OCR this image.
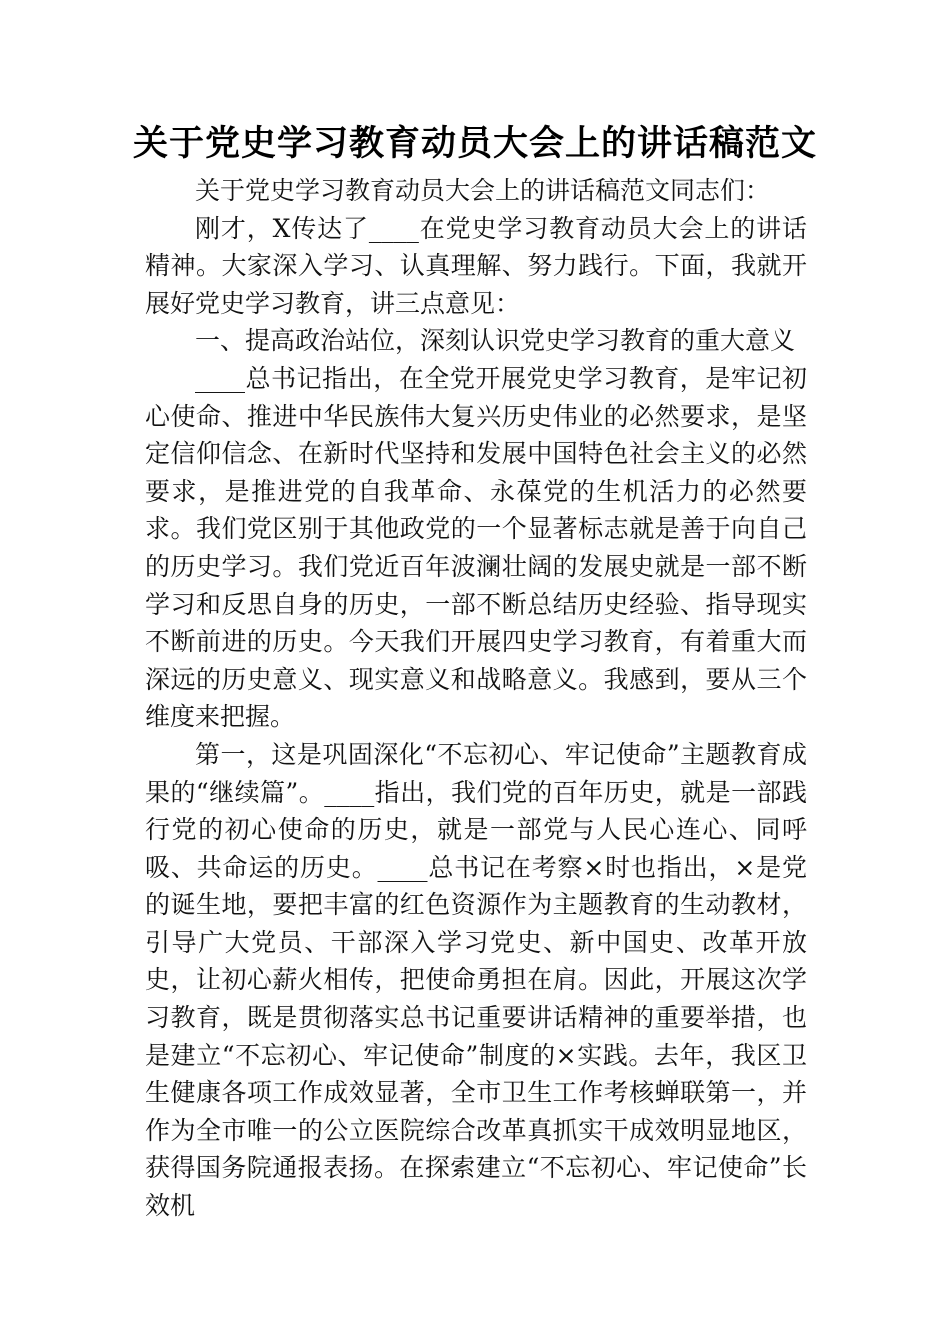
关于党史学习教育动员大会上的讲话稿范文

关于党史学习教育动员大会上的讲话稿范文同志们：

刚才，X传达了____在党史学习教育动员大会上的讲话精神。大家深入学习、认真理解、努力践行。下面，我就开展好党史学习教育，讲三点意见：

一、提高政治站位，深刻认识党史学习教育的重大意义

____总书记指出，在全党开展党史学习教育，是牢记初心使命、推进中华民族伟大复兴历史伟业的必然要求，是坚定信仰信念、在新时代坚持和发展中国特色社会主义的必然要求，是推进党的自我革命、永葆党的生机活力的必然要求。我们党区别于其他政党的一个显著标志就是善于向自己的历史学习。我们党近百年波澜壮阔的发展史就是一部不断学习和反思自身的历史，一部不断总结历史经验、指导现实不断前进的历史。今天我们开展四史学习教育，有着重大而深远的历史意义、现实意义和战略意义。我感到，要从三个维度来把握。

第一，这是巩固深化“不忘初心、牢记使命”主题教育成果的“继续篇”。____指出，我们党的百年历史，就是一部践行党的初心使命的历史，就是一部党与人民心连心、同呼吸、共命运的历史。____总书记在考察×时也指出，×是党的诞生地，要把丰富的红色资源作为主题教育的生动教材，引导广大党员、干部深入学习党史、新中国史、改革开放史，让初心薪火相传，把使命勇担在肩。因此，开展这次学习教育，既是贯彻落实总书记重要讲话精神的重要举措，也是建立“不忘初心、牢记使命”制度的×实践。去年，我区卫生健康各项工作成效显著，全市卫生工作考核蝉联第一，并作为全市唯一的公立医院综合改革真抓实干成效明显地区，获得国务院通报表扬。在探索建立“不忘初心、牢记使命”长效机
